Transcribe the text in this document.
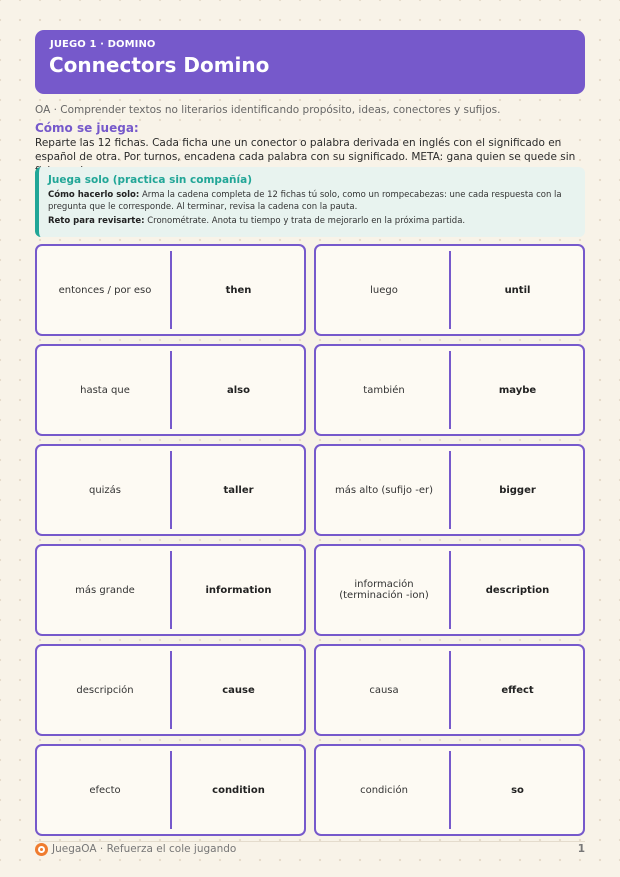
JUEGO 1 · DOMINO
Connectors Domino
OA · Comprender textos no literarios identificando propósito, ideas, conectores y sufijos.
Cómo se juega:
Reparte las 12 fichas. Cada ficha une un conector o palabra derivada en inglés con el significado en español de otra. Por turnos, encadena cada palabra con su significado. META: gana quien se quede sin
Juega solo (practica sin compañía)

Cómo hacerlo solo: Arma la cadena completa de 12 fichas tú solo, como un rompecabezas: une cada respuesta con la pregunta que le corresponde. Al terminar, revisa la cadena con la pauta.

Reto para revisarte: Cronométrate. Anota tu tiempo y trata de mejorarlo en la próxima partida.

entonces / por eso	then	luego	until
hasta que	also	también	maybe
quizás	taller	más alto (sufijo -er)	bigger
más grande	information	información (terminación -ion)	description
descripción	cause	causa	effect
efecto	condition	condición	so
JuegaOA · Refuerza el cole jugando	1
